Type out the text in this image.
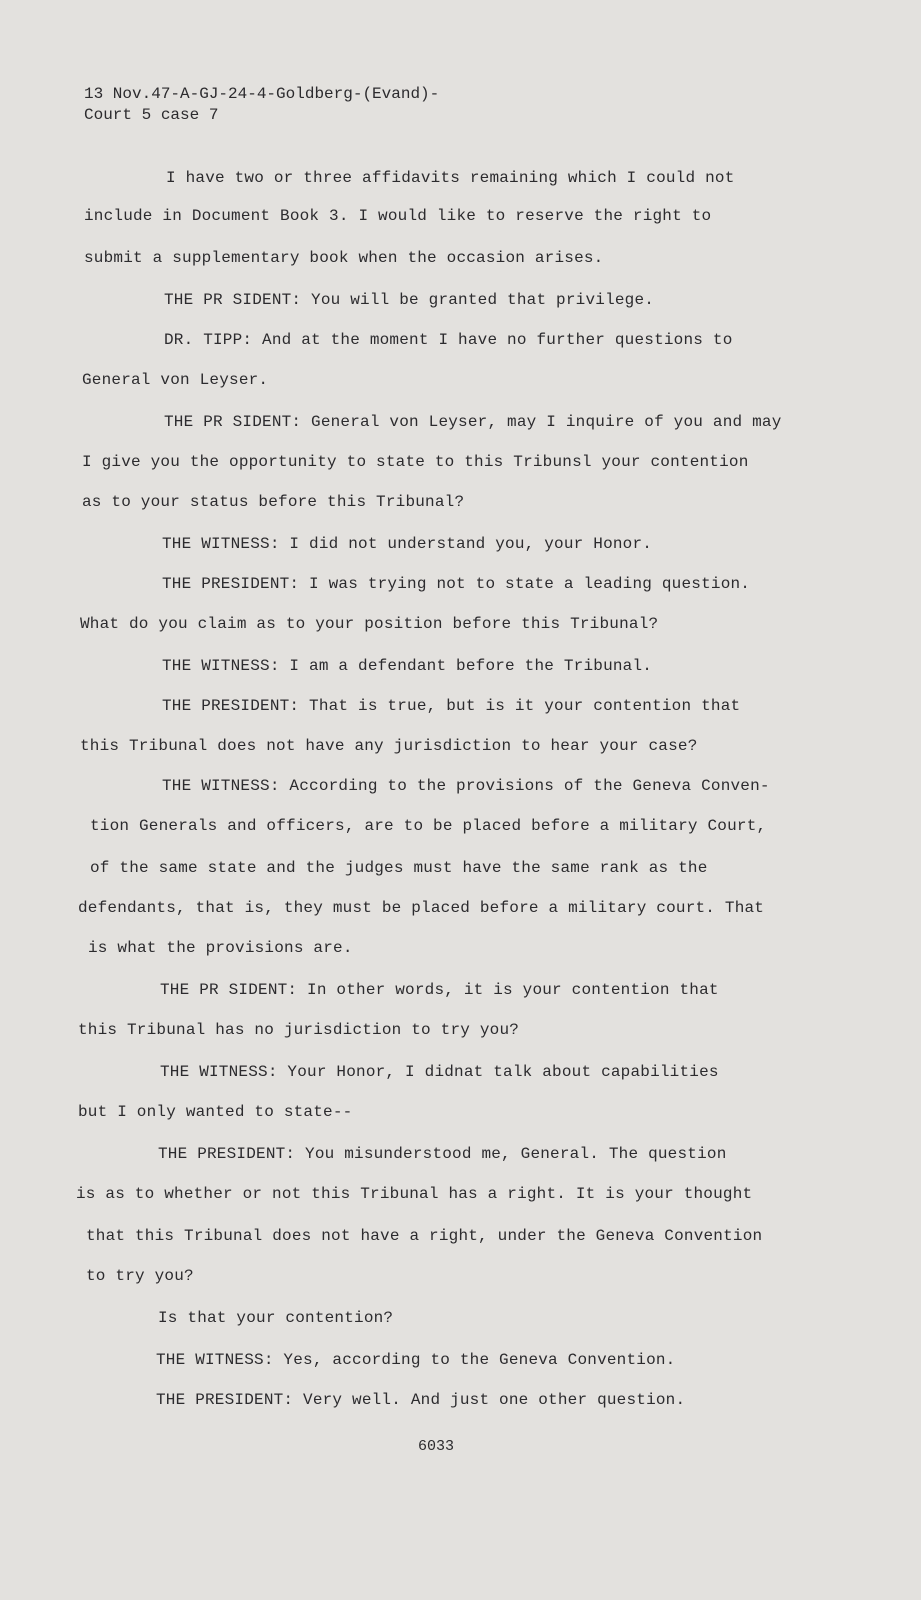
13 Nov.47-A-GJ-24-4-Goldberg-(Evand)-
Court 5 case 7
I have two or three affidavits remaining which I could not
include in Document Book 3. I would like to reserve the right to
submit a supplementary book when the occasion arises.
THE PR SIDENT: You will be granted that privilege.
DR. TIPP: And at the moment I have no further questions to
General von Leyser.
THE PR SIDENT: General von Leyser, may I inquire of you and may
I give you the opportunity to state to this Tribunsl your contention
as to your status before this Tribunal?
THE WITNESS: I did not understand you, your Honor.
THE PRESIDENT: I was trying not to state a leading question.
What do you claim as to your position before this Tribunal?
THE WITNESS: I am a defendant before the Tribunal.
THE PRESIDENT: That is true, but is it your contention that
this Tribunal does not have any jurisdiction to hear your case?
THE WITNESS: According to the provisions of the Geneva Conven-
tion Generals and officers, are to be placed before a military Court,
of the same state and the judges must have the same rank as the
defendants, that is, they must be placed before a military court. That
is what the provisions are.
THE PR SIDENT: In other words, it is your contention that
this Tribunal has no jurisdiction to try you?
THE WITNESS: Your Honor, I didnat talk about capabilities
but I only wanted to state--
THE PRESIDENT: You misunderstood me, General. The question
is as to whether or not this Tribunal has a right. It is your thought
that this Tribunal does not have a right, under the Geneva Convention
to try you?
Is that your contention?
THE WITNESS: Yes, according to the Geneva Convention.
THE PRESIDENT: Very well. And just one other question.
6033
